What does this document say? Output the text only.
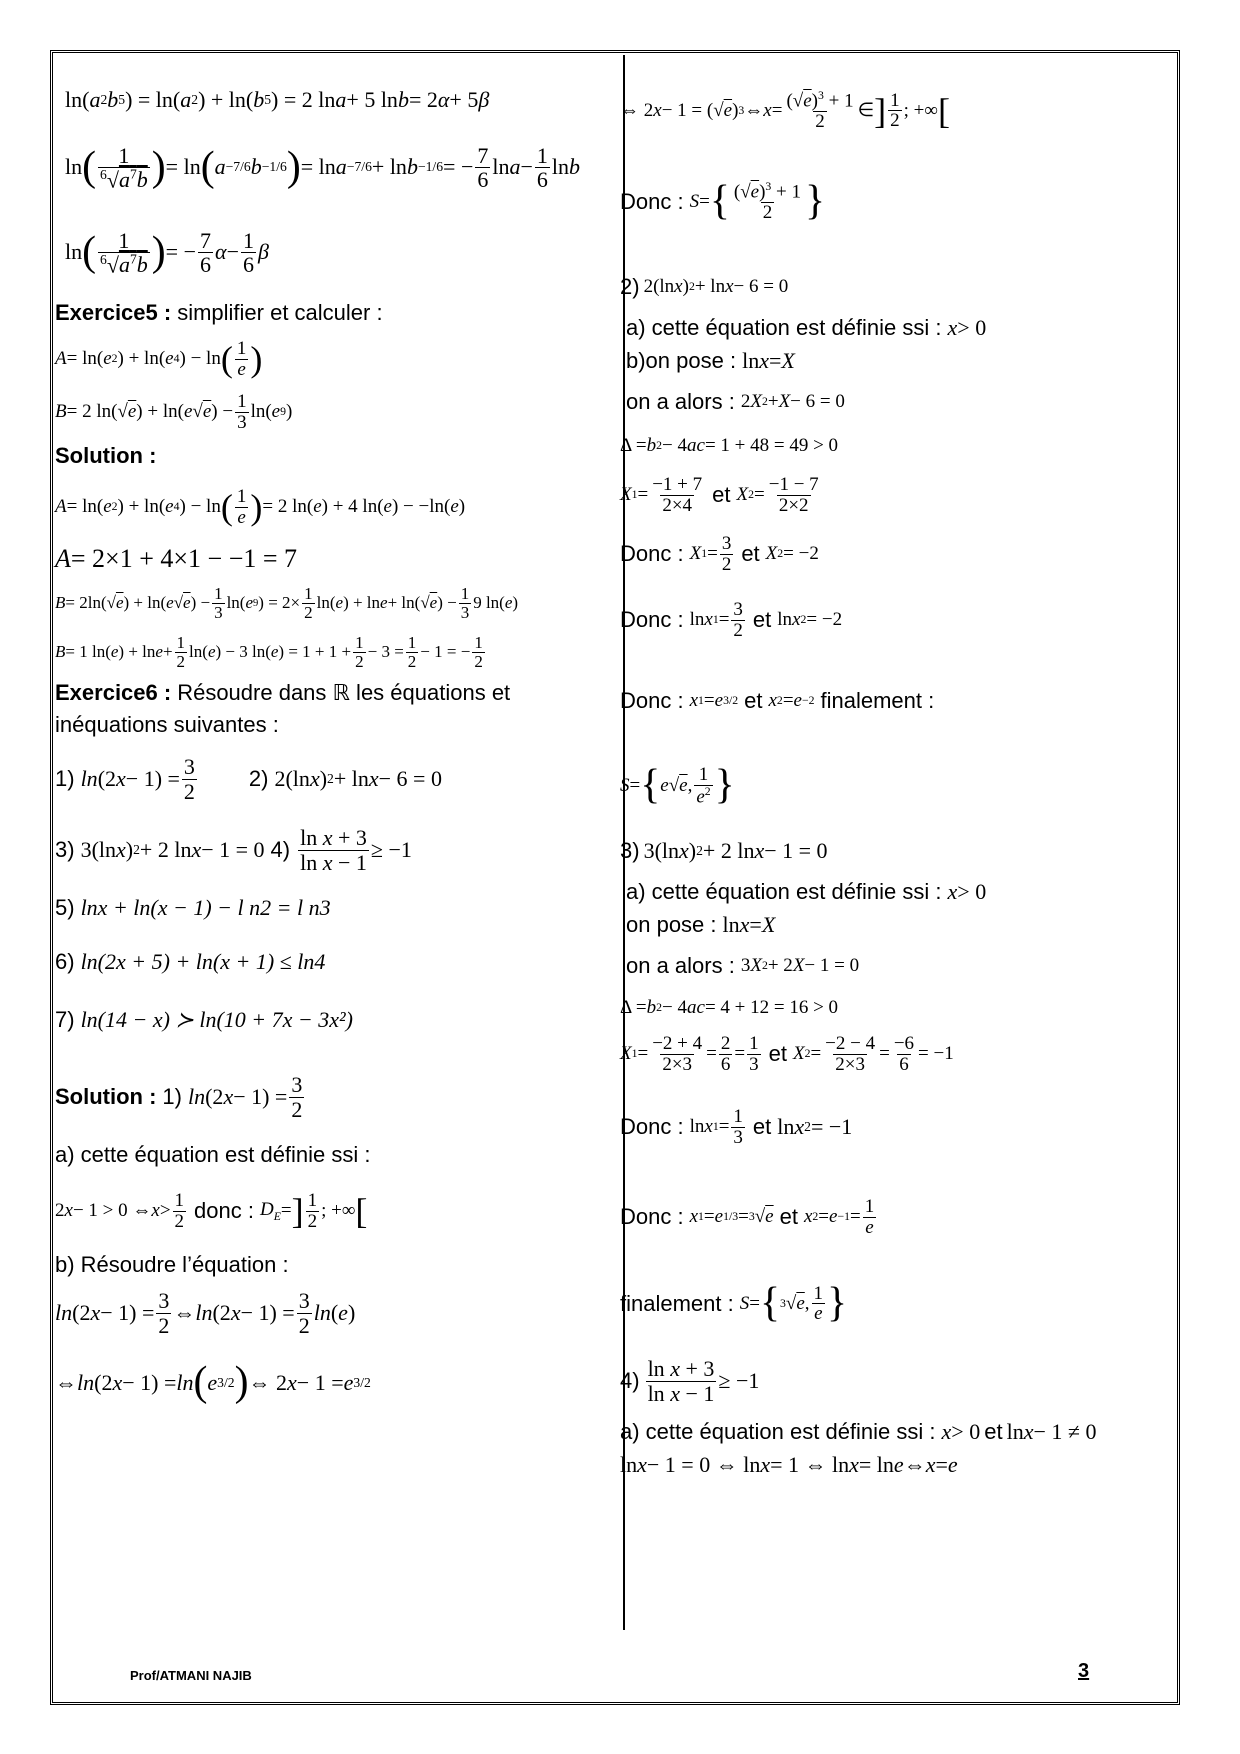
ln( a 2 b 5 ) = ln( a 2 ) + ln( b 5 ) = 2 ln a + 5 ln b = 2 α + 5 β
ln ( $\frac{1}{^6√a^7b}$ ) = ln ( a −7/6 b −1/6 ) = ln a −7/6 + ln b −1/6 = − $\frac{7}{6}$ $\ln a - \frac{1}{6}$ ln b
ln ( $\frac{1}{^6√a^7b}$ ) = − $\frac{7}{6}$ $\alpha - \frac{1}{6}$ β
Exercice5 : simplifier et calculer :
A = ln( e 2 ) + ln( e 4 ) − ln ( $\frac{1}{e}$ )
B = 2 ln(√ e ) + ln( e √ e ) − $\frac{1}{3} \ln$( e 9 )
Solution :
A = ln( e 2 ) + ln( e 4 ) − ln ( $\frac{1}{e}$ ) = 2 ln( e ) + 4 ln( e ) − −ln( e )
A = 2×1 + 4×1 − −1 = 7
B = 2ln(√ e ) + ln( e √ e ) − $\frac{1}{3} \ln$( e 9 ) = $2\times \frac{1}{2} \ln$( e ) + ln e + ln(√ e ) − $\frac{1}{3} 9$ ln( e )
B = 1 ln( e ) + $\ln e + \frac{1}{2} \ln$( e ) − 3 ln( e ) = $1 + 1 + \frac{1}{2} - 3 = \frac{1}{2} - 1$ = − $\frac{1}{2}$
Exercice6 : Résoudre dans ℝ les équations et
inéquations suivantes :
1) ln (2 $x - 1) = \frac{3}{2} 2$) 2(ln x ) 2 + ln x − 6 = 0
3) 3(ln x ) 2 + 2 ln x − 1 = 0 $4) \frac{\text{ln x + 3}}{\text{ln x − 1}} \ge -1$
5) lnx + ln(x − 1) − l n2 = l n3
6) ln(2x + 5) + ln(x + 1) ≤ ln4
7) ln(14 − x) ≻ ln(10 + 7x − 3x²)
Solution : 1) ln (2 $x - 1) = \frac{3}{2}$
a) cette équation est définie ssi :
2 x − 1 > 0 ⇔ $x > \frac{1}{2}$ donc : $D_E$ = ] $\frac{1}{2}$ ; +∞ [
b) Résoudre l’équation :
ln (2 $x - 1) = \frac{3}{2}$ ⇔ ln (2 $x - 1) = \frac{3}{2}$ ln ( e )
⇔ ln (2 x − 1) = ln ( e 3/2 ) ⇔ 2 x − 1 = e 3/2
⇔ 2 x − 1 = (√ e ) 3 ⇔ $x = \frac{(√e)^3 + 1}{2}$ ∈ ] $\frac{1}{2}$ ; +∞ [
Donc : S = { $\frac{(√e)^3 + 1}{2}$ }
2) 2(ln x ) 2 + ln x − 6 = 0
a) cette équation est définie ssi : x > 0
b)on pose : ln x = X
on a alors : 2 X 2 + X − 6 = 0
Δ = b 2 − 4 ac = 1 + 48 = 49 > 0
X $1 = \frac{-1 + 7}{2\times 4}$ et X $2 = \frac{-1 - 7}{2\times 2}$
Donc : X $1 = \frac{3}{2}$ et X 2 = −2
Donc : ln x $1 = \frac{3}{2}$ et ln x 2 = −2
Donc : x 1 = e 3/2 et x 2 = e −2 finalement :
S = { e √ e , $\frac{1}{e^2}$ }
3) 3(ln x ) 2 + 2 ln x − 1 = 0
a) cette équation est définie ssi : x > 0
on pose : ln x = X
on a alors : 3 X 2 + 2 X − 1 = 0
Δ = b 2 − 4 ac = 4 + 12 = 16 > 0
X $1 = \frac{-2 + 4}{2\times 3} = \frac{2}{6} = \frac{1}{3}$ et X $2 = \frac{-2 - 4}{2\times 3} = \frac{-6}{6} = -1$
Donc : ln x $1 = \frac{1}{3}$ et ln x 2 = −1
Donc : x 1 = e 1/3 = 3 √ e et x $2 = e -1 = \frac{1}{e}$
finalement : S = { 3 √ e , $\frac{1}{e}$ }
$4) \frac{\text{ln x + 3}}{\text{ln x − 1}} \ge -1$
a) cette équation est définie ssi : x > 0 et ln x − 1 ≠ 0
ln x − 1 = 0 ⇔ ln x = 1 ⇔ ln x = ln e ⇔ x = e
Prof/ATMANI NAJIB	3
